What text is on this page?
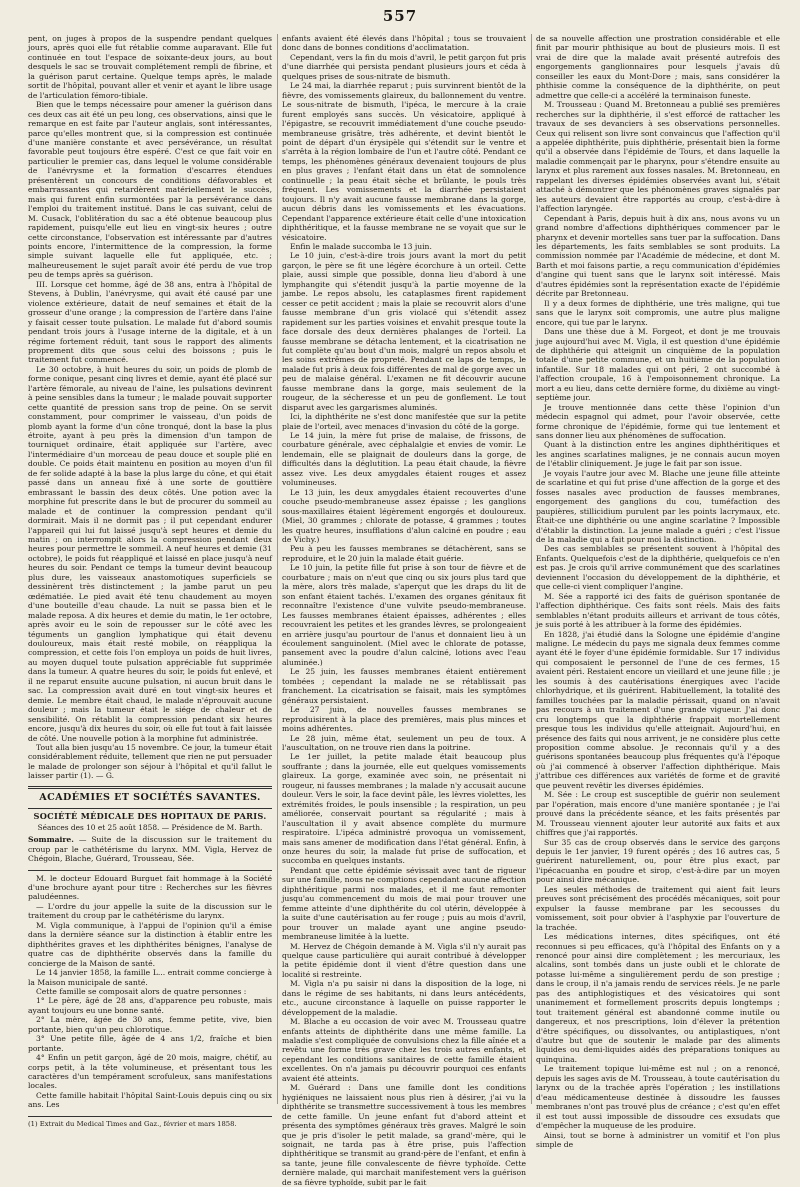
557

pent, on juges à propos de la suspendre pendant quelques jours, après quoi elle fut rétablie comme auparavant. Elle fut continuée en tout l'espace de soixante-deux jours, au bout desquels le sac se trouvait complétement rempli de fibrine, et la guérison parut certaine. Quelque temps après, le malade sortit de l'hôpital, pouvant aller et venir et ayant le libre usage de l'articulation fémoro-tibiale.

Bien que le temps nécessaire pour amener la guérison dans ces deux cas ait été un peu long, ces observations, ainsi que le remarque en est faite par l'auteur anglais, sont intéressantes, parce qu'elles montrent que, si la compression est continuée d'une manière constante et avec persévérance, un résultat favorable peut toujours être espéré. C'est ce que fait voir en particulier le premier cas, dans lequel le volume considérable de l'anévrysme et la formation d'escarres étendues présentèrent un concours de conditions défavorables et embarrassantes qui retardèrent matériellement le succès, mais qui furent enfin surmontées par la persévérance dans l'emploi du traitement institué. Dans le cas suivant, celui de M. Cusack, l'oblitération du sac a été obtenue beaucoup plus rapidement, puisqu'elle eut lieu en vingt-six heures ; outre cette circonstance, l'observation est intéressante par d'autres points encore, l'intermittence de la compression, la forme simple suivant laquelle elle fut appliquée, etc. ; malheureusement le sujet paraît avoir été perdu de vue trop peu de temps après sa guérison.

III. Lorsque cet homme, âgé de 38 ans, entra à l'hôpital de Stevens, à Dublin, l'anévrysme, qui avait été causé par une violence extérieure, datait de neuf semaines et était de la grosseur d'une orange ; la compression de l'artère dans l'aine y faisait cesser toute pulsation. Le malade fut d'abord soumis pendant trois jours à l'usage interne de la digitale, et à un régime fortement réduit, tant sous le rapport des aliments proprement dits que sous celui des boissons ; puis le traitement fut commencé.

Le 30 octobre, à huit heures du soir, un poids de plomb de forme conique, pesant cinq livres et demie, ayant été placé sur l'artère fémorale, au niveau de l'aine, les pulsations devinrent à peine sensibles dans la tumeur ; le malade pouvait supporter cette quantité de pression sans trop de peine. On se servit constamment, pour comprimer le vaisseau, d'un poids de plomb ayant la forme d'un cône tronqué, dont la base la plus étroite, ayant à peu près la dimension d'un tampon de tourniquet ordinaire, était appliquée sur l'artère, avec l'intermédiaire d'un morceau de peau douce et souple plié en double. Ce poids était maintenu en position au moyen d'un fil de fer solide adapté à la base la plus large du cône, et qui était passé dans un anneau fixé à une sorte de gouttière embrassant le bassin des deux côtés. Une potion avec la morphine fut prescrite dans le but de procurer du sommeil au malade et de continuer la compression pendant qu'il dormirait. Mais il ne dormit pas ; il put cependant endurer l'appareil qui lui fut laissé jusqu'à sept heures et demie du matin ; on interrompit alors la compression pendant deux heures pour permettre le sommeil. A neuf heures et demie (31 octobre), le poids fut réappliqué et laissé en place jusqu'à neuf heures du soir. Pendant ce temps la tumeur devint beaucoup plus dure, les vaisseaux anastomotiques superficiels se dessinèrent très distinctement ; la jambe parut un peu œdématiée. Le pied avait été tenu chaudement au moyen d'une bouteille d'eau chaude. La nuit se passa bien et le malade reposa. A dix heures et demie du matin, le 1er octobre, après avoir eu le soin de repousser sur le côté avec les téguments un ganglion lymphatique qui était devenu douloureux, mais était resté mobile, on réappliqua la compression, et cette fois l'on employa un poids de huit livres, au moyen duquel toute pulsation appréciable fut supprimée dans la tumeur. A quatre heures du soir, le poids fut enlevé, et il ne reparut ensuite aucune pulsation, ni aucun bruit dans le sac. La compression avait duré en tout vingt-six heures et demie. Le membre était chaud, le malade n'éprouvait aucune douleur ; mais la tumeur était le siége de chaleur et de sensibilité. On rétablit la compression pendant six heures encore, jusqu'à dix heures du soir, où elle fut tout à fait laissée de côté. Une nouvelle potion à la morphine fut administrée.

Tout alla bien jusqu'au 15 novembre. Ce jour, la tumeur était considérablement réduite, tellement que rien ne put persuader le malade de prolonger son séjour à l'hôpital et qu'il fallut le laisser partir (1). — G.

ACADÉMIES ET SOCIÉTÉS SAVANTES.
SOCIÉTÉ MÉDICALE DES HOPITAUX DE PARIS.
Séances des 10 et 25 août 1858. — Présidence de M. Barth.

Sommaire. — Suite de la discussion sur le traitement du croup par le cathétérisme du larynx. MM. Vigla, Hervez de Chégoin, Blache, Guérard, Trousseau, Sée.

M. le docteur Edouard Burguet fait hommage à la Société d'une brochure ayant pour titre : Recherches sur les fièvres paludéennes.

— L'ordre du jour appelle la suite de la discussion sur le traitement du croup par le cathétérisme du larynx.

M. Vigla communique, à l'appui de l'opinion qu'il a émise dans la dernière séance sur la distinction à établir entre les diphthérites graves et les diphthérites bénignes, l'analyse de quatre cas de diphthérite observés dans la famille du concierge de la Maison de santé.

Le 14 janvier 1858, la famille L... entrait comme concierge à la Maison municipale de santé.

Cette famille se composait alors de quatre personnes :

1° Le père, âgé de 28 ans, d'apparence peu robuste, mais ayant toujours eu une bonne santé.

2° La mère, âgée de 30 ans, femme petite, vive, bien portante, bien qu'un peu chlorotique.

3° Une petite fille, âgée de 4 ans 1/2, fraîche et bien portante.

4° Enfin un petit garçon, âgé de 20 mois, maigre, chétif, au corps petit, à la tête volumineuse, et présentant tous les caractères d'un tempérament scrofuleux, sans manifestations locales.

Cette famille habitait l'hôpital Saint-Louis depuis cinq ou six ans. Les

(1) Extrait du Medical Times and Gaz., février et mars 1858.

enfants avaient été élevés dans l'hôpital ; tous se trouvaient donc dans de bonnes conditions d'acclimatation.

Cependant, vers la fin du mois d'avril, le petit garçon fut pris d'une diarrhée qui persista pendant plusieurs jours et céda à quelques prises de sous-nitrate de bismuth.

Le 24 mai, la diarrhée reparut ; puis survinrent bientôt de la fièvre, des vomissements glaireux, du ballonnement du ventre. Le sous-nitrate de bismuth, l'ipéca, le mercure à la craie furent employés sans succès. Un vésicatoire, appliqué à l'épigastre, se recouvrit immédiatement d'une couche pseudo-membraneuse grisâtre, très adhérente, et devint bientôt le point de départ d'un érysipèle qui s'étendit sur le ventre et s'arrêta à la région lombaire de l'un et l'autre côté. Pendant ce temps, les phénomènes généraux devenaient toujours de plus en plus graves ; l'enfant était dans un état de somnolence continuelle ; la peau était sèche et brûlante, le pouls très fréquent. Les vomissements et la diarrhée persistaient toujours. Il n'y avait aucune fausse membrane dans la gorge, aucun débris dans les vomissements et les évacuations. Cependant l'apparence extérieure était celle d'une intoxication diphthéritique, et la fausse membrane ne se voyait que sur le vésicatoire.

Enfin le malade succomba le 13 juin.

Le 10 juin, c'est-à-dire trois jours avant la mort du petit garçon, le père se fit une légère écorchure à un orteil. Cette plaie, aussi simple que possible, donna lieu d'abord à une lymphangite qui s'étendit jusqu'à la partie moyenne de la jambe. Le repos absolu, les cataplasmes firent rapidement cesser ce petit accident ; mais la plaie se recouvrit alors d'une fausse membrane d'un gris violacé qui s'étendit assez rapidement sur les parties voisines et envahit presque toute la face dorsale des deux dernières phalanges de l'orteil. La fausse membrane se détacha lentement, et la cicatrisation ne fut complète qu'au bout d'un mois, malgré un repos absolu et les soins extrêmes de propreté. Pendant ce laps de temps, le malade fut pris à deux fois différentes de mal de gorge avec un peu de malaise général. L'examen ne fit découvrir aucune fausse membrane dans la gorge, mais seulement de la rougeur, de la sécheresse et un peu de gonflement. Le tout disparut avec les gargarismes aluminés.

Ici, la diphthérite ne s'est donc manifestée que sur la petite plaie de l'orteil, avec menaces d'invasion du côté de la gorge.

Le 14 juin, la mère fut prise de malaise, de frissons, de courbature générale, avec céphalalgie et envies de vomir. Le lendemain, elle se plaignait de douleurs dans la gorge, de difficultés dans la déglutition. La peau était chaude, la fièvre assez vive. Les deux amygdales étaient rouges et assez volumineuses.

Le 13 juin, les deux amygdales étaient recouvertes d'une couche pseudo-membraneuse assez épaisse ; les ganglions sous-maxillaires étaient légèrement engorgés et douloureux. (Miel, 30 grammes ; chlorate de potasse, 4 grammes ; toutes les quatre heures, insufflations d'alun calciné en poudre ; eau de Vichy.)

Peu à peu les fausses membranes se détachèrent, sans se reproduire, et le 20 juin la malade était guérie.

Le 10 juin, la petite fille fut prise à son tour de fièvre et de courbature ; mais on n'eut que cinq ou six jours plus tard que la mère, alors très malade, s'aperçut que les draps du lit de son enfant étaient tachés. L'examen des organes génitaux fit reconnaître l'existence d'une vulvite pseudo-membraneuse. Les fausses membranes étaient épaisses, adhérentes ; elles recouvraient les petites et les grandes lèvres, se prolongeaient en arrière jusqu'au pourtour de l'anus et donnaient lieu à un écoulement sanguinolent. (Miel avec le chlorate de potasse, pansement avec la poudre d'alun calciné, lotions avec l'eau aluminée.)

Le 25 juin, les fausses membranes étaient entièrement tombées ; cependant la malade ne se rétablissait pas franchement. La cicatrisation se faisait, mais les symptômes généraux persistaient.

Le 27 juin, de nouvelles fausses membranes se reproduisirent à la place des premières, mais plus minces et moins adhérentes.

Le 28 juin, même état, seulement un peu de toux. A l'auscultation, on ne trouve rien dans la poitrine.

Le 1er juillet, la petite malade était beaucoup plus souffrante ; dans la journée, elle eut quelques vomissements glaireux. La gorge, examinée avec soin, ne présentait ni rougeur, ni fausses membranes ; la malade n'y accusait aucune douleur. Vers le soir, la face devint pâle, les lèvres violettes, les extrémités froides, le pouls insensible ; la respiration, un peu améliorée, conservait pourtant sa régularité ; mais à l'auscultation il y avait absence complète du murmure respiratoire. L'ipéca administré provoqua un vomissement, mais sans amener de modification dans l'état général. Enfin, à onze heures du soir, la malade fut prise de suffocation, et succomba en quelques instants.

Pendant que cette épidémie sévissait avec tant de rigueur sur une famille, nous ne comptions cependant aucune affection diphthéritique parmi nos malades, et il me faut remonter jusqu'au commencement du mois de mai pour trouver une femme atteinte d'une diphthérite du col utérin, développée à la suite d'une cautérisation au fer rouge ; puis au mois d'avril, pour trouver un malade ayant une angine pseudo-membraneuse limitée à la luette.

M. Hervez de Chégoin demande à M. Vigla s'il n'y aurait pas quelque cause particulière qui aurait contribué à développer la petite épidémie dont il vient d'être question dans une localité si restreinte.

M. Vigla n'a pu saisir ni dans la disposition de la loge, ni dans le régime de ses habitants, ni dans leurs antécédents, etc., aucune circonstance à laquelle on puisse rapporter le développement de la maladie.

M. Blache a eu occasion de voir avec M. Trousseau quatre enfants atteints de diphthérite dans une même famille. La maladie s'est compliquée de convulsions chez la fille aînée et a revêtu une forme très grave chez les trois autres enfants, et cependant les conditions sanitaires de cette famille étaient excellentes. On n'a jamais pu découvrir pourquoi ces enfants avaient été atteints.

M. Guérard : Dans une famille dont les conditions hygiéniques ne laissaient nous plus rien à désirer, j'ai vu la diphthérite se transmettre successivement à tous les membres de cette famille. Un jeune enfant fut d'abord atteint et présenta des symptômes généraux très graves. Malgré le soin que je pris d'isoler le petit malade, sa grand'-mère, qui le soignait, ne tarda pas à être prise, puis l'affection diphthéritique se transmit au grand-père de l'enfant, et enfin à sa tante, jeune fille convalescente de fièvre typhoïde. Cette dernière malade, qui marchait manifestement vers la guérison de sa fièvre typhoïde, subit par le fait

de sa nouvelle affection une prostration considérable et elle finit par mourir phthisique au bout de plusieurs mois. Il est vrai de dire que la malade avait présenté autrefois des engorgements ganglionnaires pour lesquels j'avais dû conseiller les eaux du Mont-Dore ; mais, sans considérer la phthisie comme la conséquence de la diphthérite, on peut admettre que celle-ci a accéléré la terminaison funeste.

M. Trousseau : Quand M. Bretonneau a publié ses premières recherches sur la diphthérie, il s'est efforcé de rattacher les travaux de ses devanciers à ses observations personnelles. Ceux qui relisent son livre sont convaincus que l'affection qu'il a appelée diphthérite, puis diphthérie, présentait bien la forme qu'il a observée dans l'épidémie de Tours, et dans laquelle la maladie commençait par le pharynx, pour s'étendre ensuite au larynx et plus rarement aux fosses nasales. M. Bretonneau, en rappelant les diverses épidémies observées avant lui, s'était attaché à démontrer que les phénomènes graves signalés par les auteurs devaient être rapportés au croup, c'est-à-dire à l'affection laryngée.

Cependant à Paris, depuis huit à dix ans, nous avons vu un grand nombre d'affections diphthériques commencer par le pharynx et devenir mortelles sans tuer par la suffocation. Dans les départements, les faits semblables se sont produits. La commission nommée par l'Académie de médecine, et dont M. Barth et moi faisons partie, a reçu communication d'épidémies d'angine qui tuent sans que le larynx soit intéressé. Mais d'autres épidémies sont la représentation exacte de l'épidémie décrite par Bretonneau.

Il y a deux formes de diphthérie, une très maligne, qui tue sans que le larynx soit compromis, une autre plus maligne encore, qui tue par le larynx.

Dans une thèse due à M. Forgeot, et dont je me trouvais juge aujourd'hui avec M. Vigla, il est question d'une épidémie de diphthérie qui atteignit un cinquième de la population totale d'une petite commune, et un huitième de la population infantile. Sur 18 malades qui ont péri, 2 ont succombé à l'affection croupale, 16 à l'empoisonnement chronique. La mort a eu lieu, dans cette dernière forme, du dixième au vingt-septième jour.

Je trouve mentionnée dans cette thèse l'opinion d'un médecin espagnol qui admet, pour l'avoir observée, cette forme chronique de l'épidémie, forme qui tue lentement et sans donner lieu aux phénomènes de suffocation.

Quant à la distinction entre les angines diphthéritiques et les angines scarlatines malignes, je ne connais aucun moyen de l'établir cliniquement. Je juge le fait par son issue.

Je voyais l'autre jour avec M. Blache une jeune fille atteinte de scarlatine et qui fut prise d'une affection de la gorge et des fosses nasales avec production de fausses membranes, engorgement des ganglions du cou, tuméfaction des paupières, stillicidium purulent par les points lacrymaux, etc. Était-ce une diphthérie ou une angine scarlatine ? Impossible d'établir la distinction. La jeune malade a guéri ; c'est l'issue de la maladie qui a fait pour moi la distinction.

Des cas semblables se présentent souvent à l'hôpital des Enfants. Quelquefois c'est de la diphthérie, quelquefois ce n'en est pas. Je crois qu'il arrive communément que des scarlatines deviennent l'occasion du développement de la diphthérie, et que celle-ci vient compliquer l'angine.

M. Sée a rapporté ici des faits de guérison spontanée de l'affection diphthérique. Ces faits sont réels. Mais des faits semblables n'étant produits ailleurs et arrivant de tous côtés, je suis porté à les attribuer à la forme des épidémies.

En 1828, j'ai étudié dans la Sologne une épidémie d'angine maligne. Le médecin du pays me signala deux femmes comme ayant été le foyer d'une épidémie formidable. Sur 17 individus qui composaient le personnel de l'une de ces fermes, 15 avaient péri. Restaient encore un vieillard et une jeune fille ; je les soumis à des cautérisations énergiques avec l'acide chlorhydrique, et ils guérirent. Habituellement, la totalité des familles touchées par la maladie périssait, quand on n'avait pas recours à un traitement d'une grande vigueur. J'ai donc cru longtemps que la diphthérie frappait mortellement presque tous les individus qu'elle atteignait. Aujourd'hui, en présence des faits qui nous arrivent, je ne considère plus cette proposition comme absolue. Je reconnais qu'il y a des guérisons spontanées beaucoup plus fréquentes qu'à l'époque où j'ai commencé à observer l'affection diphthérique. Mais j'attribue ces différences aux variétés de forme et de gravité que peuvent revêtir les diverses épidémies.

M. Sée : Le croup est susceptible de guérir non seulement par l'opération, mais encore d'une manière spontanée ; je l'ai prouvé dans la précédente séance, et les faits présentés par M. Trousseau viennent ajouter leur autorité aux faits et aux chiffres que j'ai rapportés.

Sur 35 cas de croup observés dans le service des garçons depuis le 1er janvier, 19 furent opérés ; des 16 autres cas, 5 guérirent naturellement, ou, pour être plus exact, par l'ipécacuanha en poudre et sirop, c'est-à-dire par un moyen pour ainsi dire mécanique.

Les seules méthodes de traitement qui aient fait leurs preuves sont précisément des procédés mécaniques, soit pour expulser la fausse membrane par les secousses du vomissement, soit pour obvier à l'asphyxie par l'ouverture de la trachée.

Les médications internes, dites spécifiques, ont été reconnues si peu efficaces, qu'à l'hôpital des Enfants on y a renoncé pour ainsi dire complètement ; les mercuriaux, les alcalins, sont tombés dans un juste oubli et le chlorate de potasse lui-même a singulièrement perdu de son prestige ; dans le croup, il n'a jamais rendu de services réels. Je ne parle pas des antiphlogistiques et des vésicatoires qui sont unanimement et formellement proscrits depuis longtemps ; tout traitement général est abandonné comme inutile ou dangereux, et nos prescriptions, loin d'élever la prétention d'être spécifiques, ou dissolvantes, ou antiplastiques, n'ont d'autre but que de soutenir le malade par des aliments liquides ou demi-liquides aidés des préparations toniques au quinquina.

Le traitement topique lui-même est nul ; on a renoncé, depuis les sages avis de M. Trousseau, à toute cautérisation du larynx ou de la trachée après l'opération ; les instillations d'eau médicamenteuse destinée à dissoudre les fausses membranes n'ont pas trouvé plus de créance ; c'est qu'en effet il est tout aussi impossible de dissoudre ces exsudats que d'empêcher la muqueuse de les produire.

Ainsi, tout se borne à administrer un vomitif et l'on plus simple de
